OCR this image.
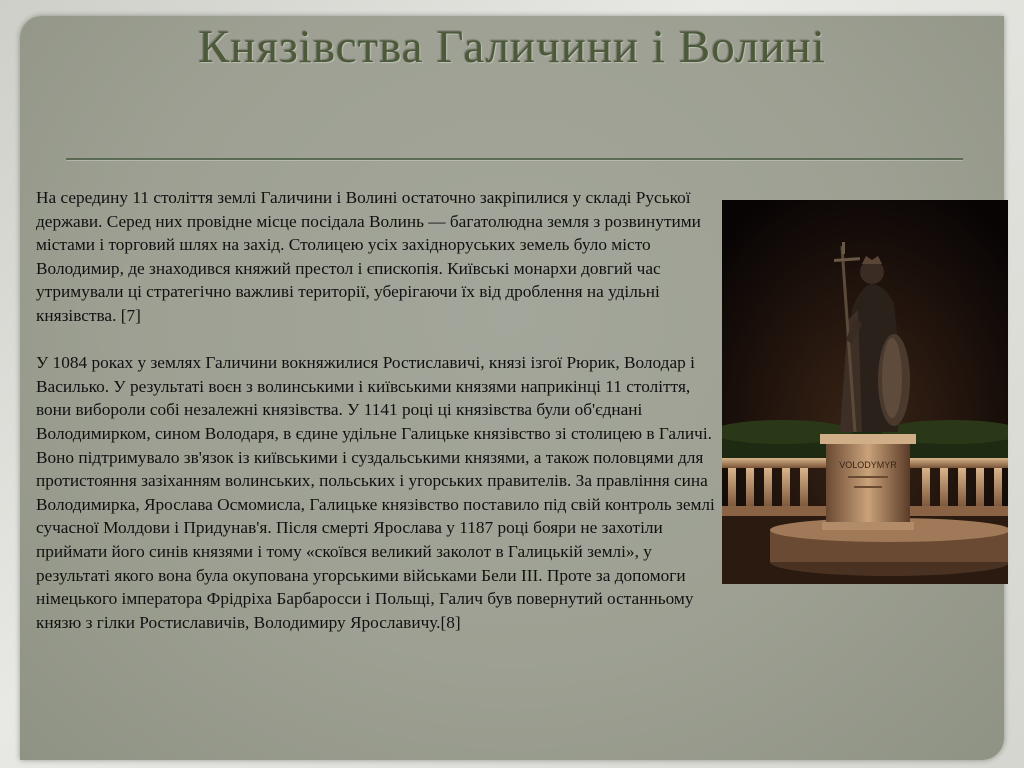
Князівства Галичини і Волині

На середину 11 століття землі Галичини і Волині остаточно закріпилися у складі Руської держави. Серед них провідне місце посідала Волинь — багатолюдна земля з розвинутими містами і торговий шлях на захід. Столицею усіх західноруських земель було місто Володимир, де знаходився княжий престол і єпископія. Київські монархи довгий час утримували ці стратегічно важливі території, уберігаючи їх від дроблення на удільні князівства. [7]

У 1084 роках у землях Галичини вокняжилися Ростиславичі, князі ізгої Рюрик, Володар і Василько. У результаті воєн з волинськими і київськими князями наприкінці 11 століття, вони виборoли собі незалежні князівства. У 1141 році ці князівства були об'єднані Володимирком, сином Володаря, в єдине удільне Галицьке князівство зі столицею в Галичі. Воно підтримувало зв'язок із київськими і суздальськими князями, а також половцями для протистояння зазіханням волинських, польських і угорських правителів. За правління сина Володимирка, Ярослава Осмомисла, Галицьке князівство поставило під свій контроль землі сучасної Молдови і Придунав'я. Після смерті Ярослава у 1187 році бояри не захотіли приймати його синів князями і тому «скоївся великий заколот в Галицькій землі», у результаті якого вона була окупована угорськими військами Бели III. Проте за допомоги німецького імператора Фрідріха Барбаросси і Польщі, Галич був повернутий останньому князю з гілки Ростиславичів, Володимиру Ярославичу.[8]

VOLODYMYR
